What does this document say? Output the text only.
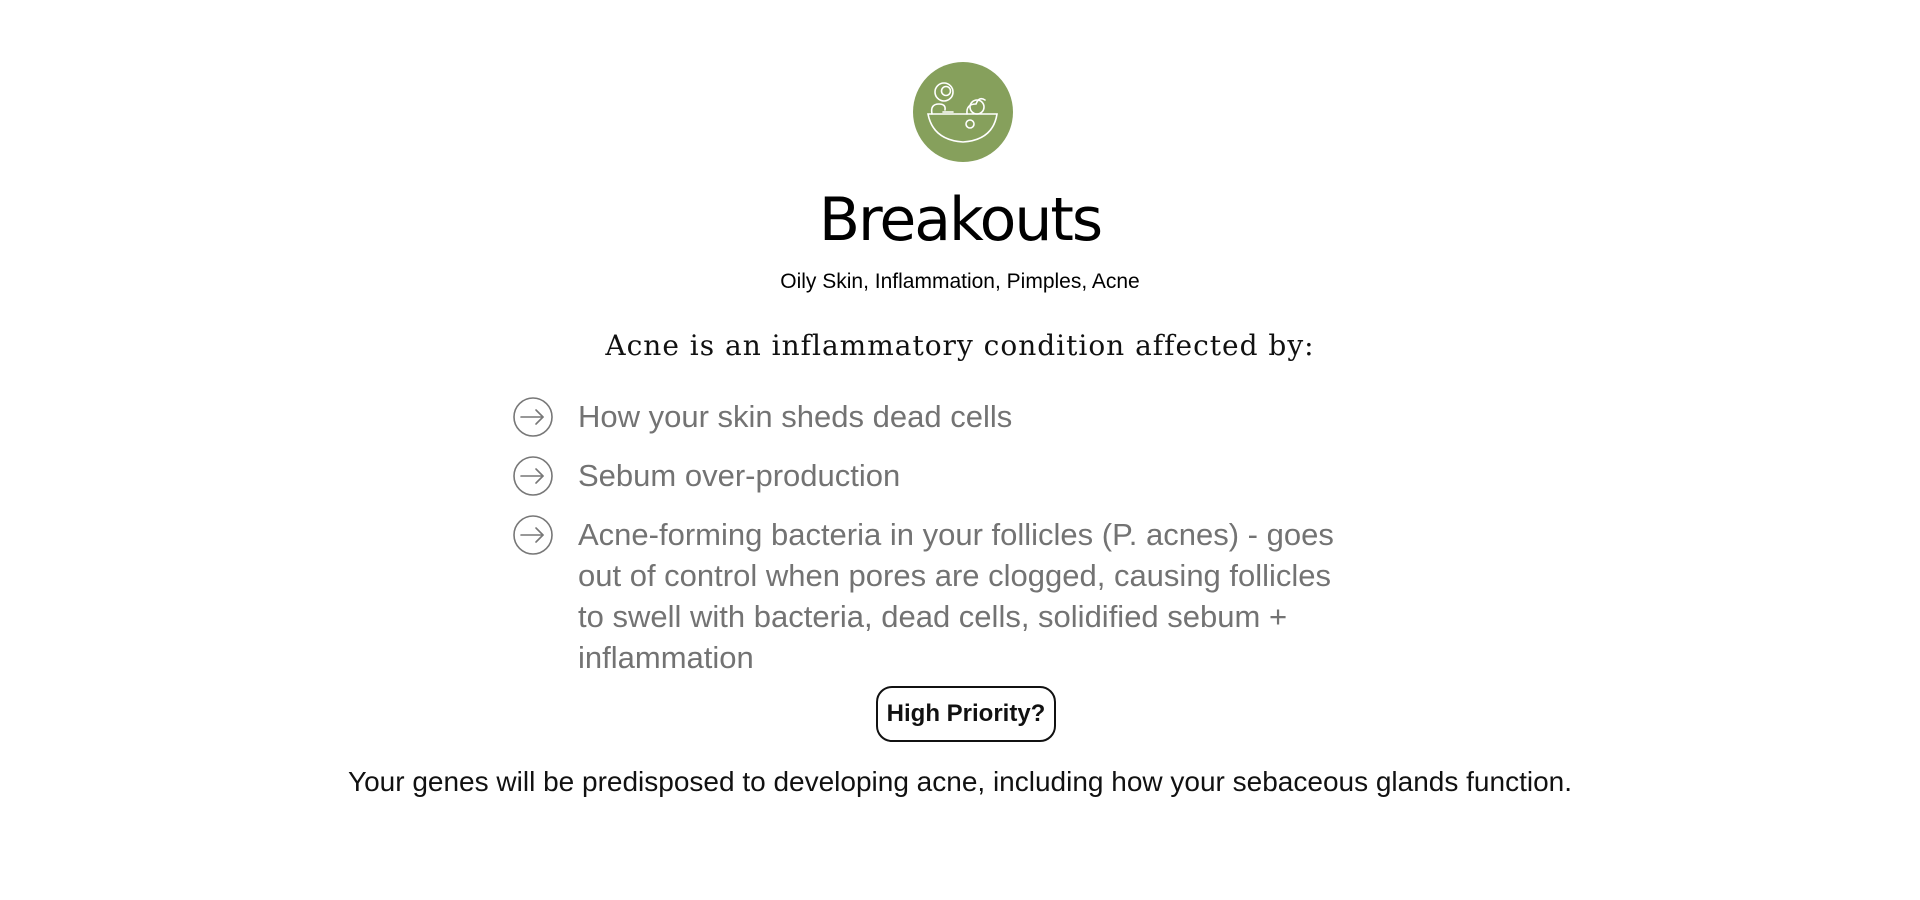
Breakouts
Oily Skin, Inflammation, Pimples, Acne
Acne is an inflammatory condition affected by:
How your skin sheds dead cells
Sebum over-production
Acne-forming bacteria in your follicles (P. acnes) - goes out of control when pores are clogged, causing follicles to swell with bacteria, dead cells, solidified sebum + inflammation
High Priority?
Your genes will be predisposed to developing acne, including how your sebaceous glands function.
